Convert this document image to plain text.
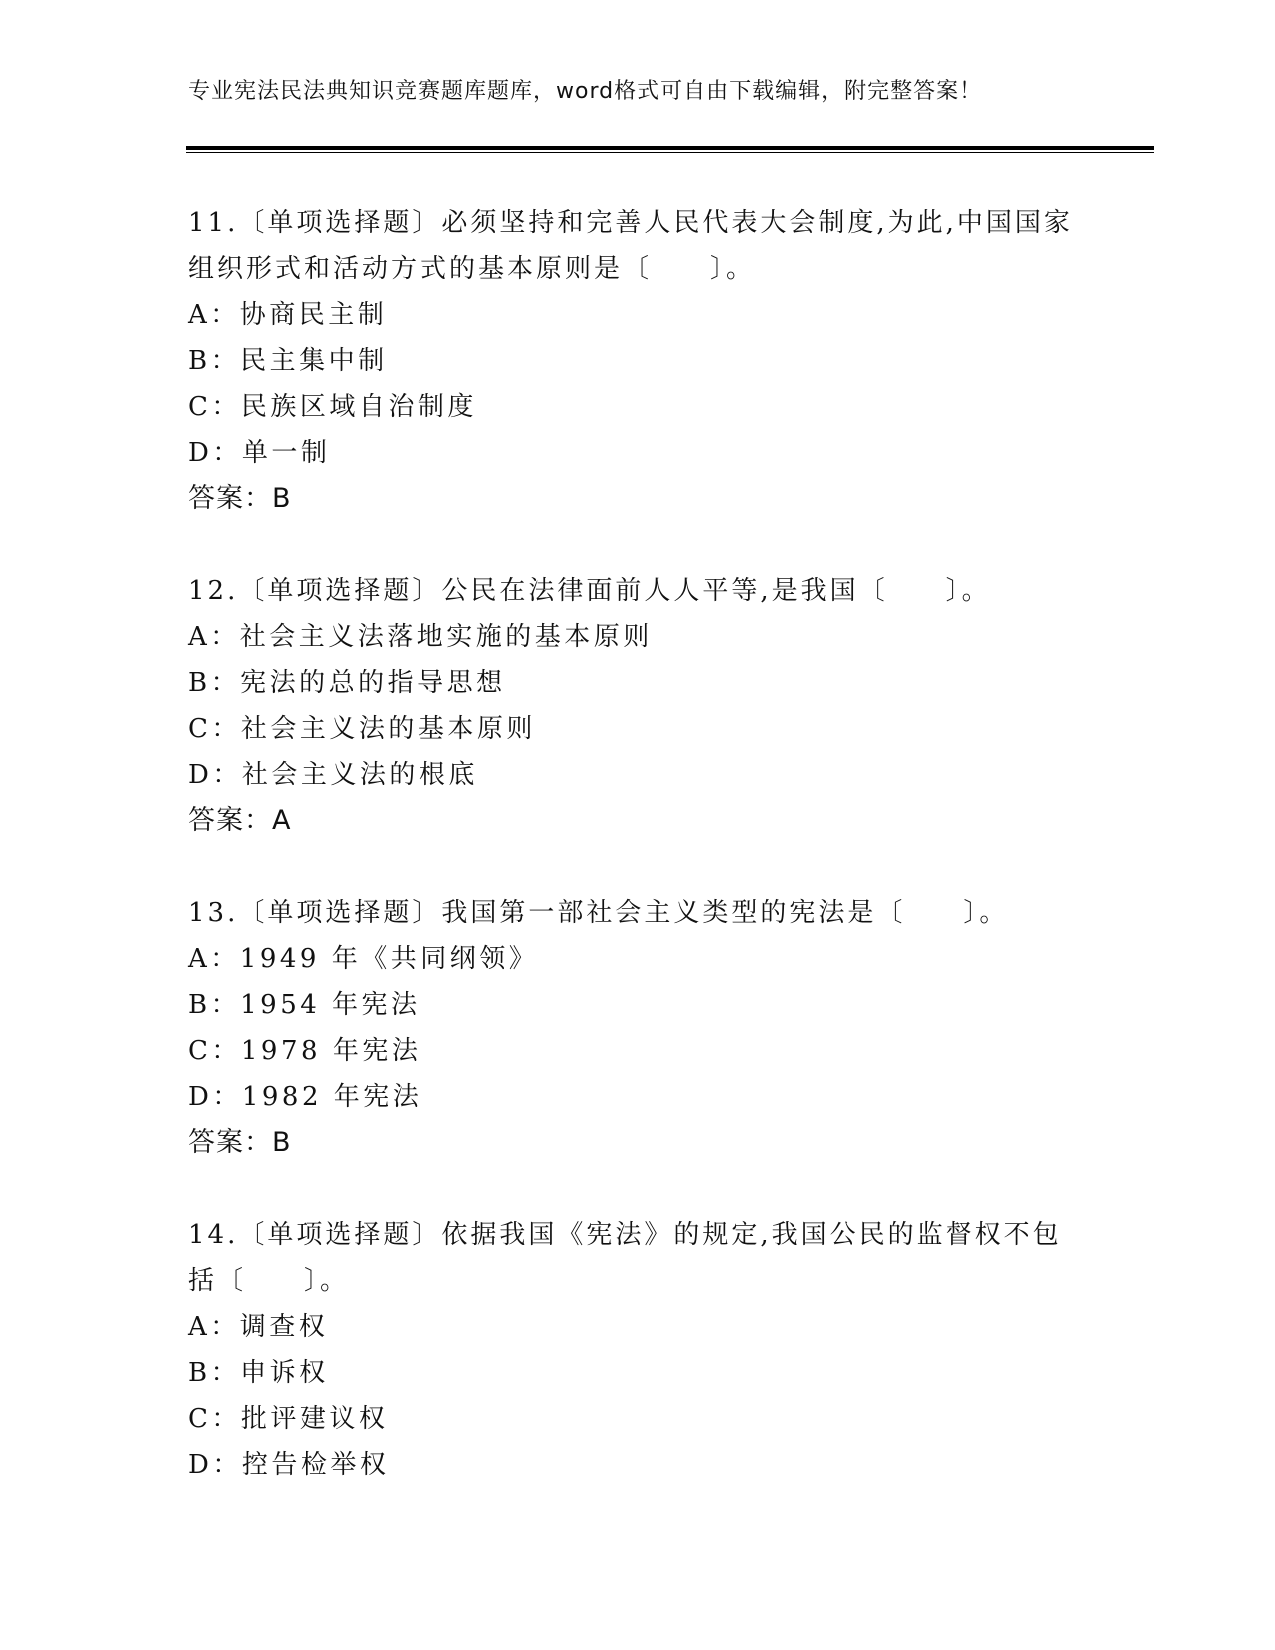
专业宪法民法典知识竞赛题库题库，word格式可自由下载编辑，附完整答案！
11.〔单项选择题〕必须坚持和完善人民代表大会制度,为此,中国国家
组织形式和活动方式的基本原则是〔　　〕。
A：协商民主制
B：民主集中制
C：民族区域自治制度
D：单一制
答案：B
12.〔单项选择题〕公民在法律面前人人平等,是我国〔　　〕。
A：社会主义法落地实施的基本原则
B：宪法的总的指导思想
C：社会主义法的基本原则
D：社会主义法的根底
答案：A
13.〔单项选择题〕我国第一部社会主义类型的宪法是〔　　〕。
A：1949 年《共同纲领》
B：1954 年宪法
C：1978 年宪法
D：1982 年宪法
答案：B
14.〔单项选择题〕依据我国《宪法》的规定,我国公民的监督权不包
括〔　　〕。
A：调查权
B：申诉权
C：批评建议权
D：控告检举权
